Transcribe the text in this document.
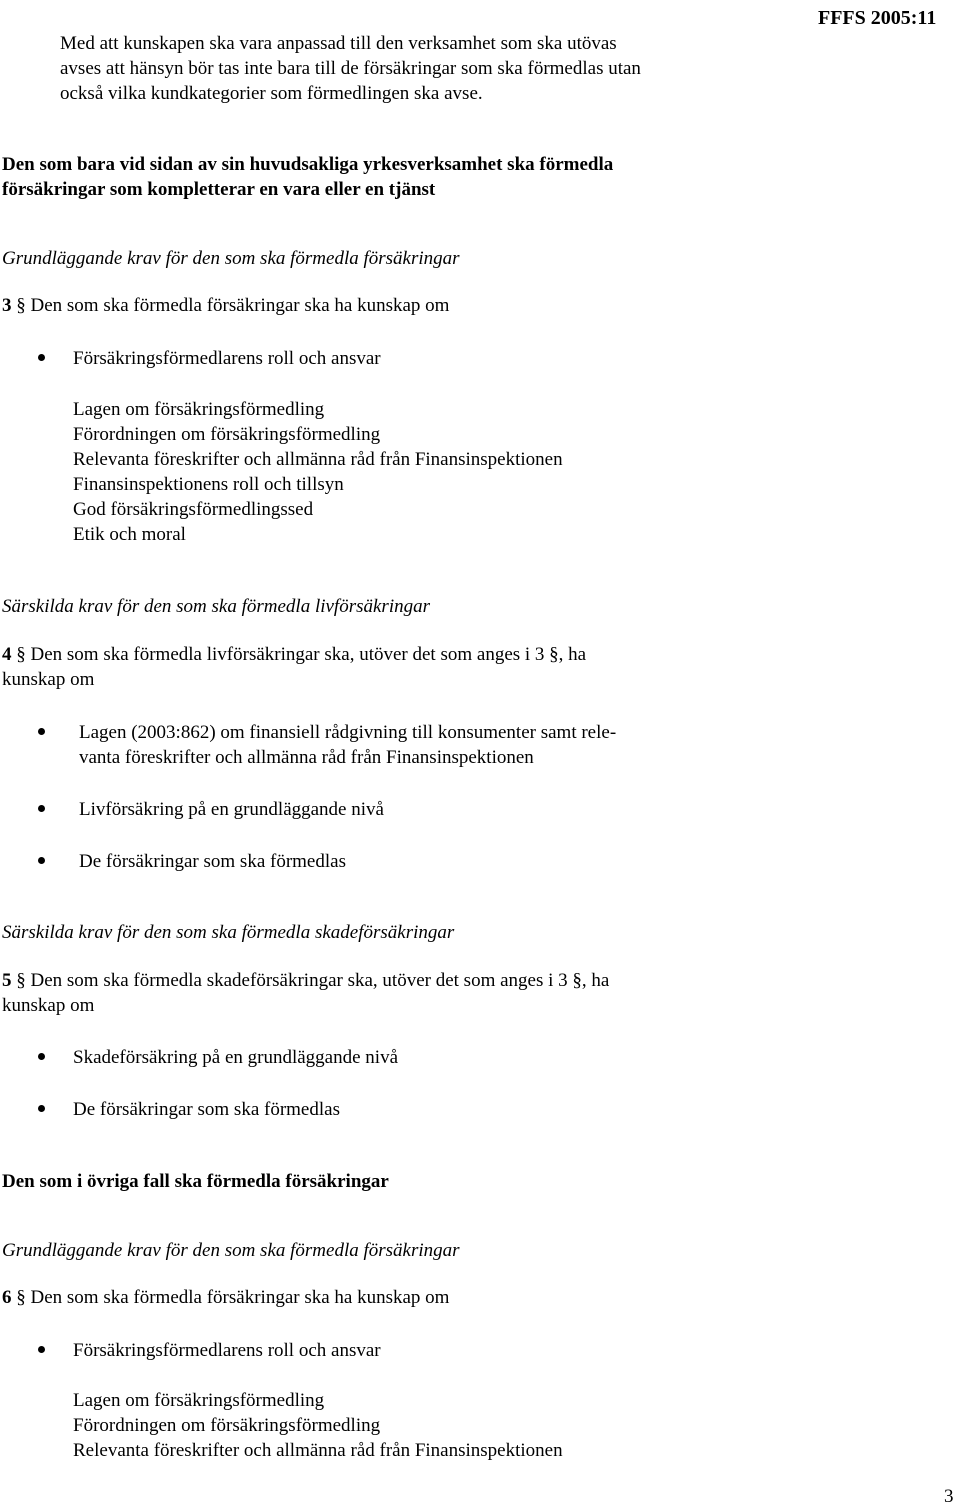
FFFS 2005:11
Med att kunskapen ska vara anpassad till den verksamhet som ska utövas
avses att hänsyn bör tas inte bara till de försäkringar som ska förmedlas utan
också vilka kundkategorier som förmedlingen ska avse.
Den som bara vid sidan av sin huvudsakliga yrkesverksamhet ska förmedla
försäkringar som kompletterar en vara eller en tjänst
Grundläggande krav för den som ska förmedla försäkringar
3 § Den som ska förmedla försäkringar ska ha kunskap om
Försäkringsförmedlarens roll och ansvar
Lagen om försäkringsförmedling
Förordningen om försäkringsförmedling
Relevanta föreskrifter och allmänna råd från Finansinspektionen
Finansinspektionens roll och tillsyn
God försäkringsförmedlingssed
Etik och moral
Särskilda krav för den som ska förmedla livförsäkringar
4 § Den som ska förmedla livförsäkringar ska, utöver det som anges i 3 §, ha
kunskap om
Lagen (2003:862) om finansiell rådgivning till konsumenter samt rele-
vanta föreskrifter och allmänna råd från Finansinspektionen
Livförsäkring på en grundläggande nivå
De försäkringar som ska förmedlas
Särskilda krav för den som ska förmedla skadeförsäkringar
5 § Den som ska förmedla skadeförsäkringar ska, utöver det som anges i 3 §, ha
kunskap om
Skadeförsäkring på en grundläggande nivå
De försäkringar som ska förmedlas
Den som i övriga fall ska förmedla försäkringar
Grundläggande krav för den som ska förmedla försäkringar
6 § Den som ska förmedla försäkringar ska ha kunskap om
Försäkringsförmedlarens roll och ansvar
Lagen om försäkringsförmedling
Förordningen om försäkringsförmedling
Relevanta föreskrifter och allmänna råd från Finansinspektionen
3
